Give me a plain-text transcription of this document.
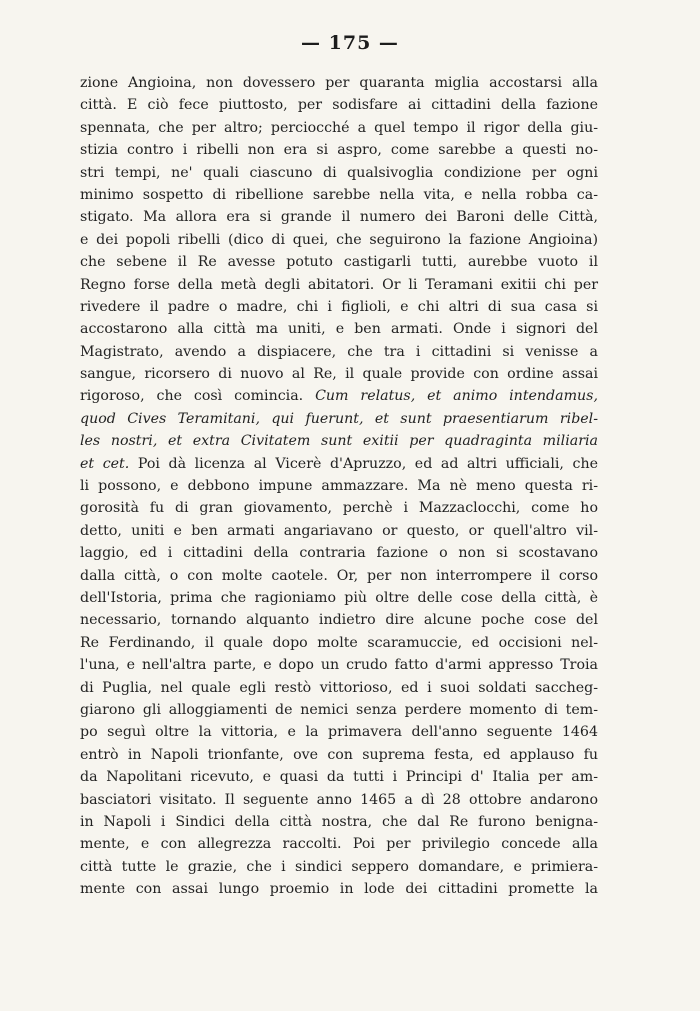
— 175 —
zione Angioina, non dovessero per quaranta miglia accostarsi alla
città. E ciò fece piuttosto, per sodisfare ai cittadini della fazione
spennata, che per altro; perciocché a quel tempo il rigor della giu-
stizia contro i ribelli non era si aspro, come sarebbe a questi no-
stri tempi, ne' quali ciascuno di qualsivoglia condizione per ogni
minimo sospetto di ribellione sarebbe nella vita, e nella robba ca-
stigato. Ma allora era si grande il numero dei Baroni delle Città,
e dei popoli ribelli (dico di quei, che seguirono la fazione Angioina)
che sebene il Re avesse potuto castigarli tutti, aurebbe vuoto il
Regno forse della metà degli abitatori. Or li Teramani exitii chi per
rivedere il padre o madre, chi i figlioli, e chi altri di sua casa si
accostarono alla città ma uniti, e ben armati. Onde i signori del
Magistrato, avendo a dispiacere, che tra i cittadini si venisse a
sangue, ricorsero di nuovo al Re, il quale provide con ordine assai
rigoroso, che così comincia. Cum relatus, et animo intendamus,
quod Cives Teramitani, qui fuerunt, et sunt praesentiarum ribel-
les nostri, et extra Civitatem sunt exitii per quadraginta miliaria
et cet. Poi dà licenza al Vicerè d'Apruzzo, ed ad altri ufficiali, che
li possono, e debbono impune ammazzare. Ma nè meno questa ri-
gorosità fu di gran giovamento, perchè i Mazzaclocchi, come ho
detto, uniti e ben armati angariavano or questo, or quell'altro vil-
laggio, ed i cittadini della contraria fazione o non si scostavano
dalla città, o con molte caotele. Or, per non interrompere il corso
dell'Istoria, prima che ragioniamo più oltre delle cose della città, è
necessario, tornando alquanto indietro dire alcune poche cose del
Re Ferdinando, il quale dopo molte scaramuccie, ed occisioni nel-
l'una, e nell'altra parte, e dopo un crudo fatto d'armi appresso Troia
di Puglia, nel quale egli restò vittorioso, ed i suoi soldati saccheg-
giarono gli alloggiamenti de nemici senza perdere momento di tem-
po seguì oltre la vittoria, e la primavera dell'anno seguente 1464
entrò in Napoli trionfante, ove con suprema festa, ed applauso fu
da Napolitani ricevuto, e quasi da tutti i Principi d' Italia per am-
basciatori visitato. Il seguente anno 1465 a dì 28 ottobre andarono
in Napoli i Sindici della città nostra, che dal Re furono benigna-
mente, e con allegrezza raccolti. Poi per privilegio concede alla
città tutte le grazie, che i sindici seppero domandare, e primiera-
mente con assai lungo proemio in lode dei cittadini promette la
